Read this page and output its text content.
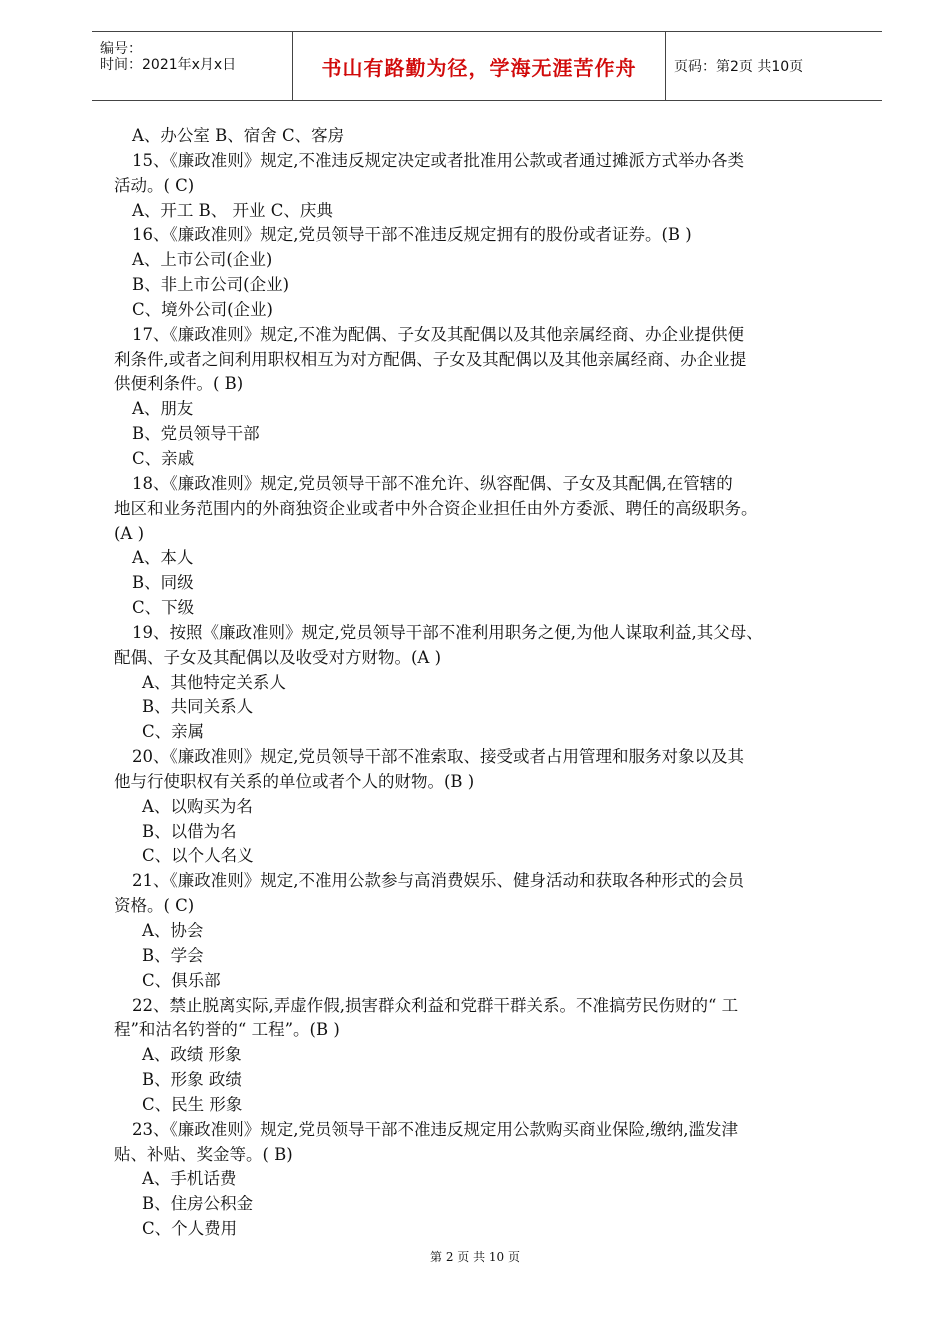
编号：
时间：2021年x月x日	书山有路勤为径，学海无涯苦作舟	页码：第2页 共10页
A、办公室 B、宿舍 C、客房
15、《廉政准则》规定,不准违反规定决定或者批准用公款或者通过摊派方式举办各类
活动。( C)
A、开工 B、 开业 C、庆典
16、《廉政准则》规定,党员领导干部不准违反规定拥有的股份或者证券。(B )
A、上市公司(企业)
B、非上市公司(企业)
C、境外公司(企业)
17、《廉政准则》规定,不准为配偶、子女及其配偶以及其他亲属经商、办企业提供便
利条件,或者之间利用职权相互为对方配偶、子女及其配偶以及其他亲属经商、办企业提
供便利条件。( B)
A、朋友
B、党员领导干部
C、亲戚
18、《廉政准则》规定,党员领导干部不准允许、纵容配偶、子女及其配偶,在管辖的
地区和业务范围内的外商独资企业或者中外合资企业担任由外方委派、聘任的高级职务。
(A )
A、本人
B、同级
C、下级
19、按照《廉政准则》规定,党员领导干部不准利用职务之便,为他人谋取利益,其父母、
配偶、子女及其配偶以及收受对方财物。(A )
A、其他特定关系人
B、共同关系人
C、亲属
20、《廉政准则》规定,党员领导干部不准索取、接受或者占用管理和服务对象以及其
他与行使职权有关系的单位或者个人的财物。(B )
A、以购买为名
B、以借为名
C、以个人名义
21、《廉政准则》规定,不准用公款参与高消费娱乐、健身活动和获取各种形式的会员
资格。( C)
A、协会
B、学会
C、俱乐部
22、禁止脱离实际,弄虚作假,损害群众利益和党群干群关系。不准搞劳民伤财的“ 工
程”和沽名钓誉的“ 工程”。(B )
A、政绩 形象
B、形象 政绩
C、民生 形象
23、《廉政准则》规定,党员领导干部不准违反规定用公款购买商业保险,缴纳,滥发津
贴、补贴、奖金等。( B)
A、手机话费
B、住房公积金
C、个人费用
第 2 页 共 10 页
